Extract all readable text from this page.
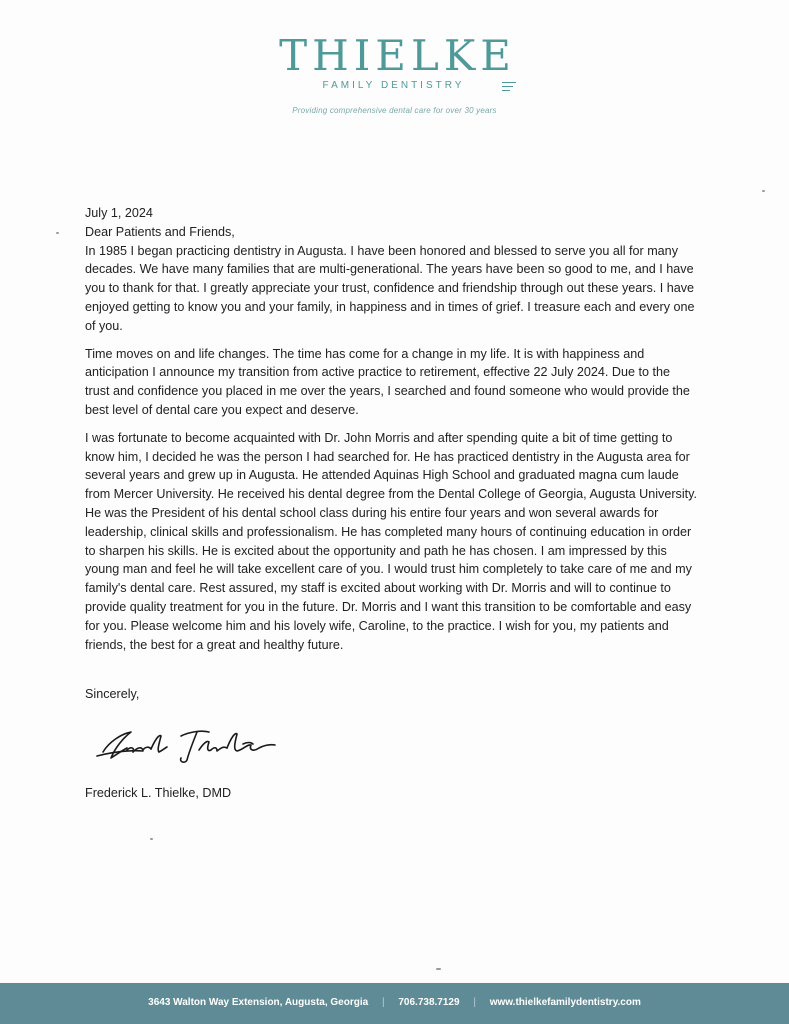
THIELKE
FAMILY DENTISTRY
Providing comprehensive dental care for over 30 years

July 1, 2024

Dear Patients and Friends,

In 1985 I began practicing dentistry in Augusta. I have been honored and blessed to serve you all for many decades. We have many families that are multi-generational. The years have been so good to me, and I have you to thank for that. I greatly appreciate your trust, confidence and friendship through out these years. I have enjoyed getting to know you and your family, in happiness and in times of grief. I treasure each and every one of you.

Time moves on and life changes. The time has come for a change in my life. It is with happiness and anticipation I announce my transition from active practice to retirement, effective 22 July 2024. Due to the trust and confidence you placed in me over the years, I searched and found someone who would provide the best level of dental care you expect and deserve.

I was fortunate to become acquainted with Dr. John Morris and after spending quite a bit of time getting to know him, I decided he was the person I had searched for. He has practiced dentistry in the Augusta area for several years and grew up in Augusta. He attended Aquinas High School and graduated magna cum laude from Mercer University. He received his dental degree from the Dental College of Georgia, Augusta University. He was the President of his dental school class during his entire four years and won several awards for leadership, clinical skills and professionalism. He has completed many hours of continuing education in order to sharpen his skills. He is excited about the opportunity and path he has chosen. I am impressed by this young man and feel he will take excellent care of you. I would trust him completely to take care of me and my family's dental care. Rest assured, my staff is excited about working with Dr. Morris and will to continue to provide quality treatment for you in the future. Dr. Morris and I want this transition to be comfortable and easy for you. Please welcome him and his lovely wife, Caroline, to the practice. I wish for you, my patients and friends, the best for a great and healthy future.

Sincerely,

Frederick L. Thielke, DMD

3643 Walton Way Extension, Augusta, Georgia | 706.738.7129 | www.thielkefamilydentistry.com
